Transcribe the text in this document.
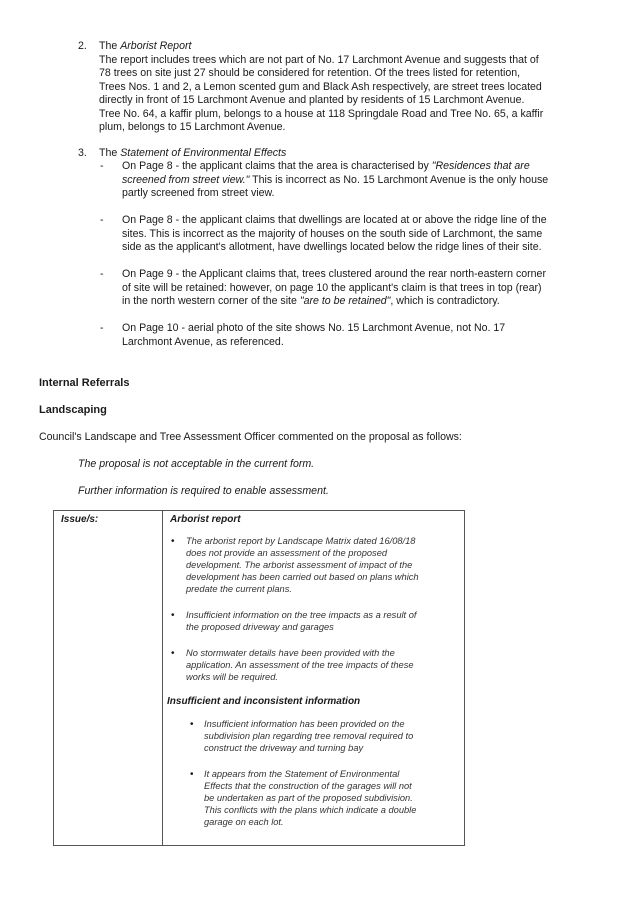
2.	The Arborist Report
The report includes trees which are not part of No. 17 Larchmont Avenue and suggests that of
78 trees on site just 27 should be considered for retention. Of the trees listed for retention,
Trees Nos. 1 and 2, a Lemon scented gum and Black Ash respectively, are street trees located
directly in front of 15 Larchmont Avenue and planted by residents of 15 Larchmont Avenue.
Tree No. 64, a kaffir plum, belongs to a house at 118 Springdale Road and Tree No. 65, a kaffir
plum, belongs to 15 Larchmont Avenue.
3.	The Statement of Environmental Effects
-	On Page 8 - the applicant claims that the area is characterised by "Residences that are
screened from street view." This is incorrect as No. 15 Larchmont Avenue is the only house
partly screened from street view.
-	On Page 8 - the applicant claims that dwellings are located at or above the ridge line of the
sites. This is incorrect as the majority of houses on the south side of Larchmont, the same
side as the applicant's allotment, have dwellings located below the ridge lines of their site.
-	On Page 9 - the Applicant claims that, trees clustered around the rear north-eastern corner
of site will be retained: however, on page 10 the applicant's claim is that trees in top (rear)
in the north western corner of the site "are to be retained", which is contradictory.
-	On Page 10 - aerial photo of the site shows No. 15 Larchmont Avenue, not No. 17
Larchmont Avenue, as referenced.
Internal Referrals
Landscaping
Council's Landscape and Tree Assessment Officer commented on the proposal as follows:
The proposal is not acceptable in the current form.
Further information is required to enable assessment.
Issue/s:	Arborist report
• The arborist report by Landscape Matrix dated 16/08/18
does not provide an assessment of the proposed
development. The arborist assessment of impact of the
development has been carried out based on plans which
predate the current plans.
• Insufficient information on the tree impacts as a result of
the proposed driveway and garages
• No stormwater details have been provided with the
application. An assessment of the tree impacts of these
works will be required.
Insufficient and inconsistent information
• Insufficient information has been provided on the
subdivision plan regarding tree removal required to
construct the driveway and turning bay
• It appears from the Statement of Environmental
Effects that the construction of the garages will not
be undertaken as part of the proposed subdivision.
This conflicts with the plans which indicate a double
garage on each lot.
